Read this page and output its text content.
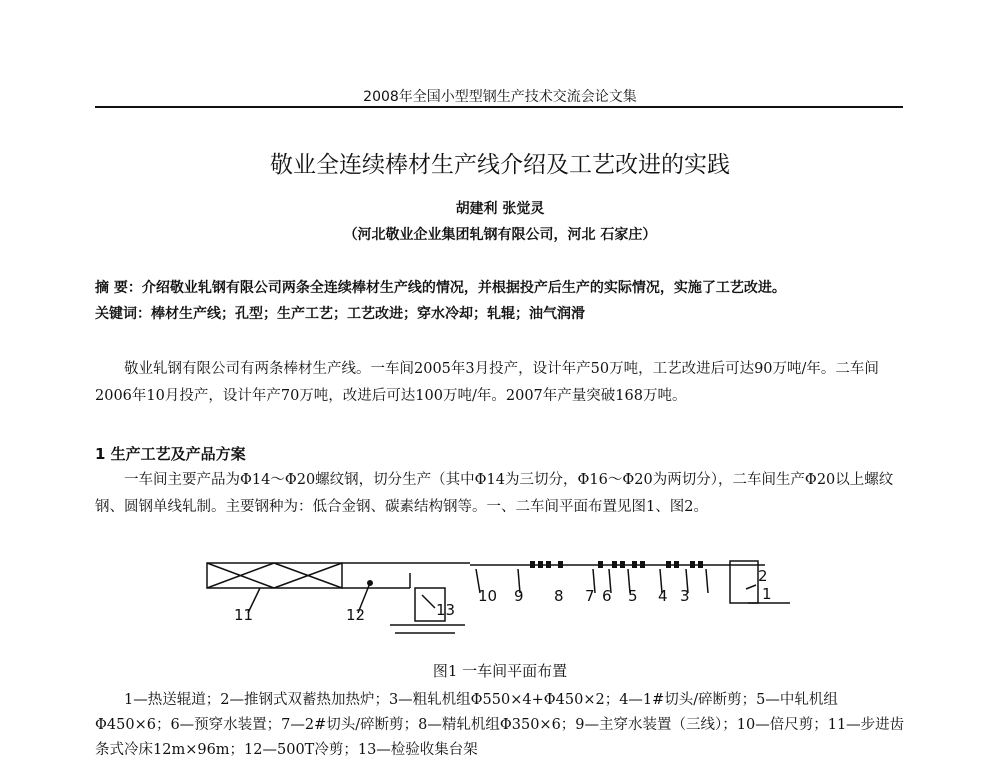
2008年全国小型型钢生产技术交流会论文集
敬业全连续棒材生产线介绍及工艺改进的实践
胡建利 张觉灵
（河北敬业企业集团轧钢有限公司，河北 石家庄）
摘 要：介绍敬业轧钢有限公司两条全连续棒材生产线的情况，并根据投产后生产的实际情况，实施了工艺改进。
关键词：棒材生产线；孔型；生产工艺；工艺改进；穿水冷却；轧辊；油气润滑
敬业轧钢有限公司有两条棒材生产线。一车间2005年3月投产，设计年产50万吨，工艺改进后可达90万吨/年。二车间2006年10月投产，设计年产70万吨，改进后可达100万吨/年。2007年产量突破168万吨。
1 生产工艺及产品方案
一车间主要产品为Φ14～Φ20螺纹钢，切分生产（其中Φ14为三切分，Φ16～Φ20为两切分），二车间生产Φ20以上螺纹钢、圆钢单线轧制。主要钢种为：低合金钢、碳素结构钢等。一、二车间平面布置见图1、图2。
11	12	13
10 9 8 7 6 5 4 3
2
1
图1 一车间平面布置
1—热送辊道；2—推钢式双蓄热加热炉；3—粗轧机组Φ550×4+Φ450×2；4—1#切头/碎断剪；5—中轧机组Φ450×6；6—预穿水装置；7—2#切头/碎断剪；8—精轧机组Φ350×6；9—主穿水装置（三线）；10—倍尺剪；11—步进齿条式冷床12m×96m；12—500T冷剪；13—检验收集台架
